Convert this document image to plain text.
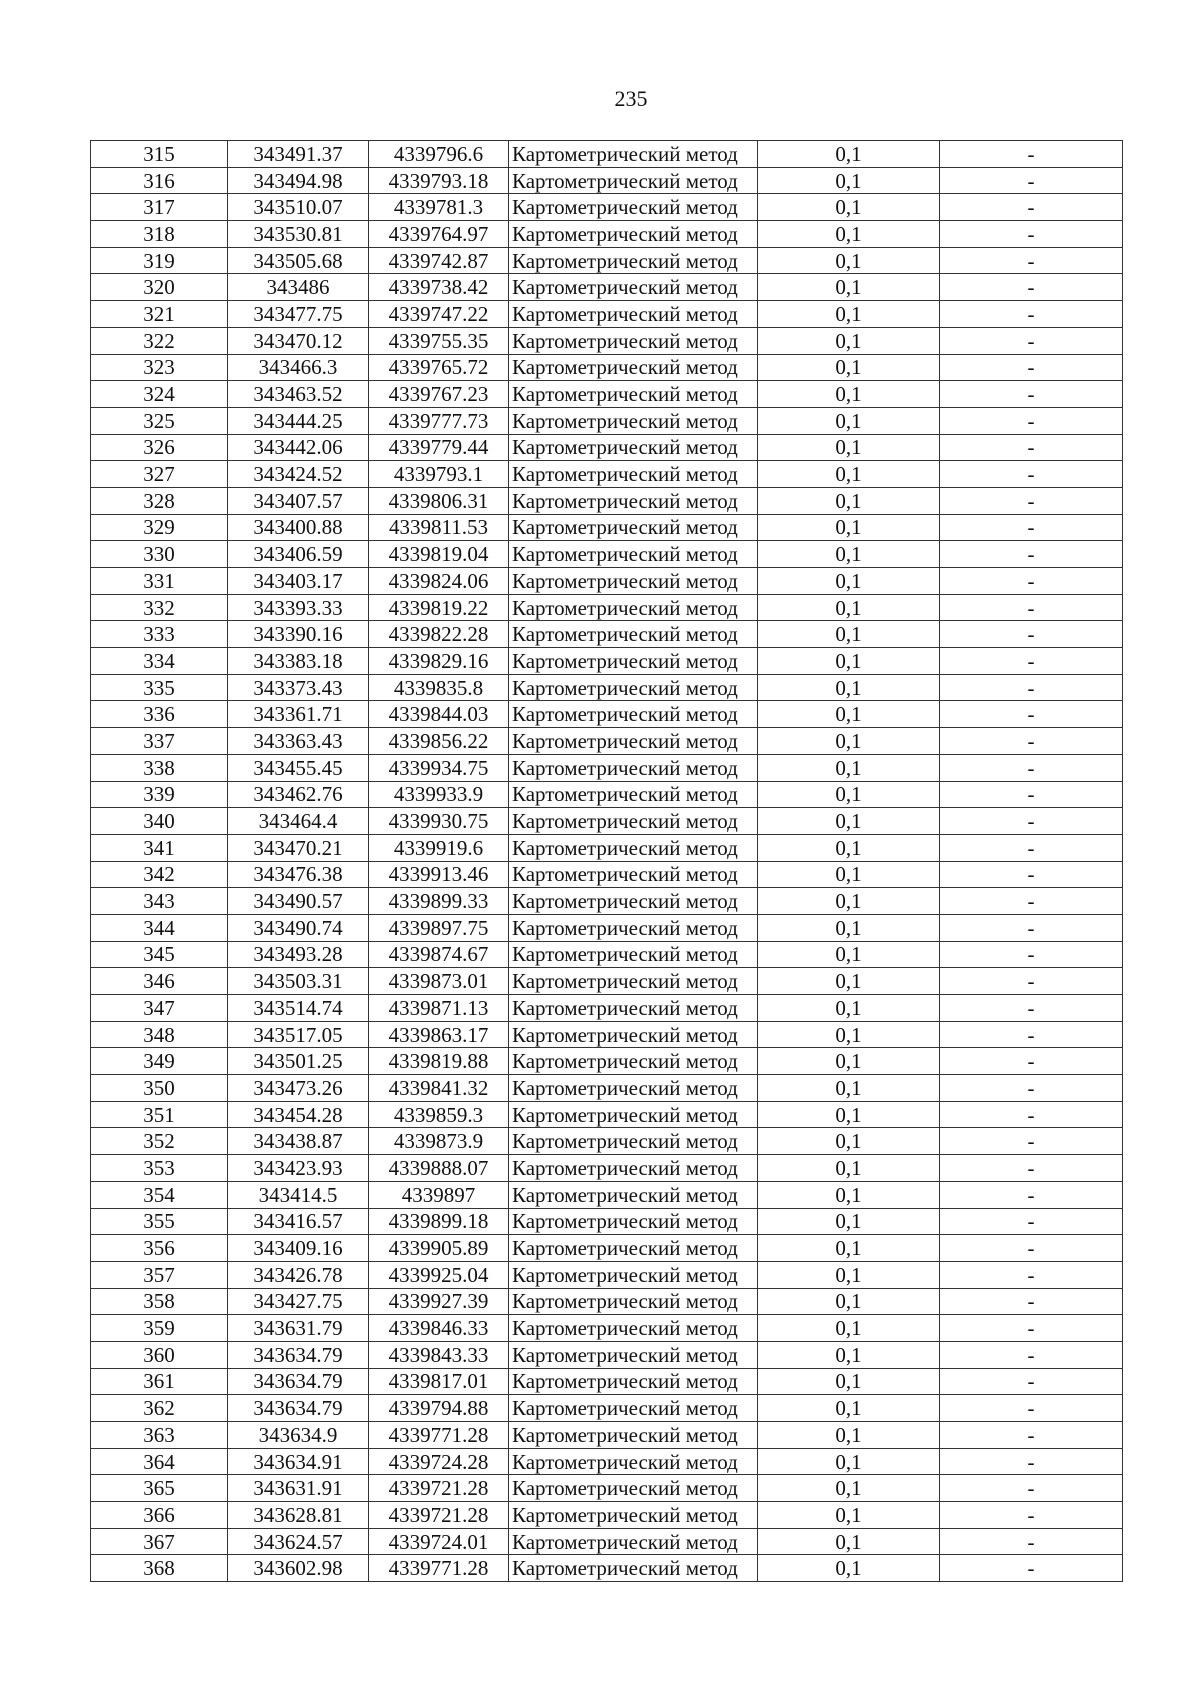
235
315	343491.37	4339796.6	Картометрический метод	0,1	-
316	343494.98	4339793.18	Картометрический метод	0,1	-
317	343510.07	4339781.3	Картометрический метод	0,1	-
318	343530.81	4339764.97	Картометрический метод	0,1	-
319	343505.68	4339742.87	Картометрический метод	0,1	-
320	343486	4339738.42	Картометрический метод	0,1	-
321	343477.75	4339747.22	Картометрический метод	0,1	-
322	343470.12	4339755.35	Картометрический метод	0,1	-
323	343466.3	4339765.72	Картометрический метод	0,1	-
324	343463.52	4339767.23	Картометрический метод	0,1	-
325	343444.25	4339777.73	Картометрический метод	0,1	-
326	343442.06	4339779.44	Картометрический метод	0,1	-
327	343424.52	4339793.1	Картометрический метод	0,1	-
328	343407.57	4339806.31	Картометрический метод	0,1	-
329	343400.88	4339811.53	Картометрический метод	0,1	-
330	343406.59	4339819.04	Картометрический метод	0,1	-
331	343403.17	4339824.06	Картометрический метод	0,1	-
332	343393.33	4339819.22	Картометрический метод	0,1	-
333	343390.16	4339822.28	Картометрический метод	0,1	-
334	343383.18	4339829.16	Картометрический метод	0,1	-
335	343373.43	4339835.8	Картометрический метод	0,1	-
336	343361.71	4339844.03	Картометрический метод	0,1	-
337	343363.43	4339856.22	Картометрический метод	0,1	-
338	343455.45	4339934.75	Картометрический метод	0,1	-
339	343462.76	4339933.9	Картометрический метод	0,1	-
340	343464.4	4339930.75	Картометрический метод	0,1	-
341	343470.21	4339919.6	Картометрический метод	0,1	-
342	343476.38	4339913.46	Картометрический метод	0,1	-
343	343490.57	4339899.33	Картометрический метод	0,1	-
344	343490.74	4339897.75	Картометрический метод	0,1	-
345	343493.28	4339874.67	Картометрический метод	0,1	-
346	343503.31	4339873.01	Картометрический метод	0,1	-
347	343514.74	4339871.13	Картометрический метод	0,1	-
348	343517.05	4339863.17	Картометрический метод	0,1	-
349	343501.25	4339819.88	Картометрический метод	0,1	-
350	343473.26	4339841.32	Картометрический метод	0,1	-
351	343454.28	4339859.3	Картометрический метод	0,1	-
352	343438.87	4339873.9	Картометрический метод	0,1	-
353	343423.93	4339888.07	Картометрический метод	0,1	-
354	343414.5	4339897	Картометрический метод	0,1	-
355	343416.57	4339899.18	Картометрический метод	0,1	-
356	343409.16	4339905.89	Картометрический метод	0,1	-
357	343426.78	4339925.04	Картометрический метод	0,1	-
358	343427.75	4339927.39	Картометрический метод	0,1	-
359	343631.79	4339846.33	Картометрический метод	0,1	-
360	343634.79	4339843.33	Картометрический метод	0,1	-
361	343634.79	4339817.01	Картометрический метод	0,1	-
362	343634.79	4339794.88	Картометрический метод	0,1	-
363	343634.9	4339771.28	Картометрический метод	0,1	-
364	343634.91	4339724.28	Картометрический метод	0,1	-
365	343631.91	4339721.28	Картометрический метод	0,1	-
366	343628.81	4339721.28	Картометрический метод	0,1	-
367	343624.57	4339724.01	Картометрический метод	0,1	-
368	343602.98	4339771.28	Картометрический метод	0,1	-
